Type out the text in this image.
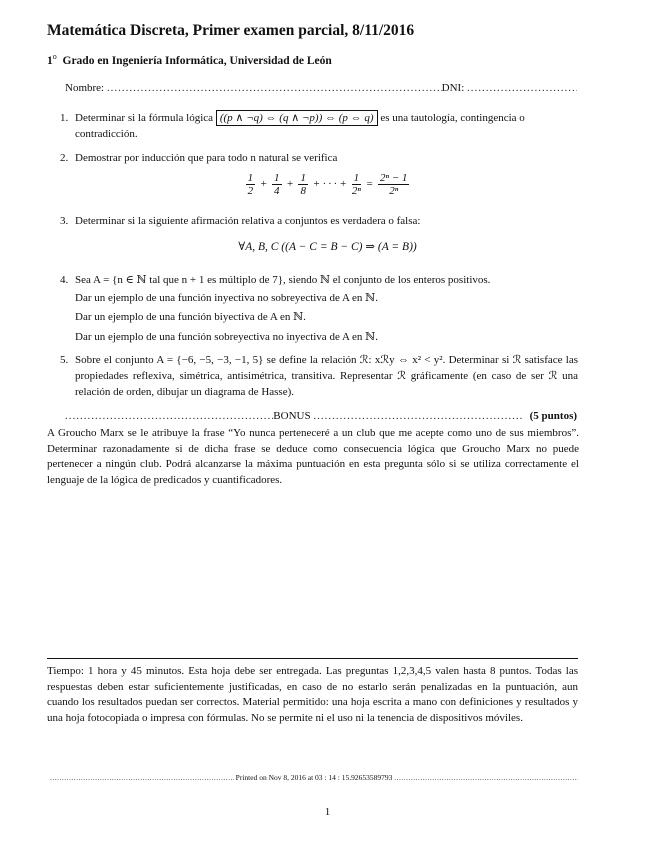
Matemática Discreta, Primer examen parcial, 8/11/2016
1$^o$ Grado en Ingeniería Informática, Universidad de León
Nombre:
.....	DNI:

.....
1. Determinar si la fórmula lógica ((p ∧ ¬q) ⇔ (q ∧ ¬p)) ⇔ (p ⇔ q) es una tautología, contingencia o contradicción.
2. Demostrar por inducción que para todo n natural se verifica
$\frac{1}{2} + \frac{1}{4} + \frac{1}{8}$ + · · · + $\frac{1}{\text{2ⁿ}} = \frac{\text{2ⁿ − 1}}{\text{2ⁿ}}$
3. Determinar si la siguiente afirmación relativa a conjuntos es verdadera o falsa:
∀A, B, C ((A − C = B − C) ⇒ (A = B))
4. Sea A = {n ∈ ℕ tal que n + 1 es múltiplo de 7}, siendo ℕ el conjunto de los enteros positivos.
Dar un ejemplo de una función inyectiva no sobreyectiva de A en ℕ.
Dar un ejemplo de una función biyectiva de A en ℕ.
Dar un ejemplo de una función sobreyectiva no inyectiva de A en ℕ.
5. Sobre el conjunto A = {−6, −5, −3, −1, 5} se define la relación ℛ: xℛy ⇔ x² < y². Determinar si ℛ satisface las propiedades reflexiva, simétrica, antisimétrica, transitiva. Representar ℛ gráficamente (en caso de ser ℛ una relación de orden, dibujar un diagrama de Hasse).
.....
BONUS
.....	(5 puntos)
A Groucho Marx se le atribuye la frase “Yo nunca perteneceré a un club que me acepte como uno de sus miembros”. Determinar razonadamente si de dicha frase se deduce como consecuencia lógica que Groucho Marx no puede pertenecer a ningún club. Podrá alcanzarse la máxima puntuación en esta pregunta sólo si se utiliza correctamente el lenguaje de la lógica de predicados y cuantificadores.
Tiempo: 1 hora y 45 minutos. Esta hoja debe ser entregada. Las preguntas 1,2,3,4,5 valen hasta 8 puntos. Todas las respuestas deben estar suficientemente justificadas, en caso de no estarlo serán penalizadas en la puntuación, aun cuando los resultados puedan ser correctos. Material permitido: una hoja escrita a mano con definiciones y resultados y una hoja fotocopiada o impresa con fórmulas. No se permite ni el uso ni la tenencia de dispositivos móviles.
.....

Printed on Nov 8, 2016 at 03 : 14 : 15.92653589793

.....
1
